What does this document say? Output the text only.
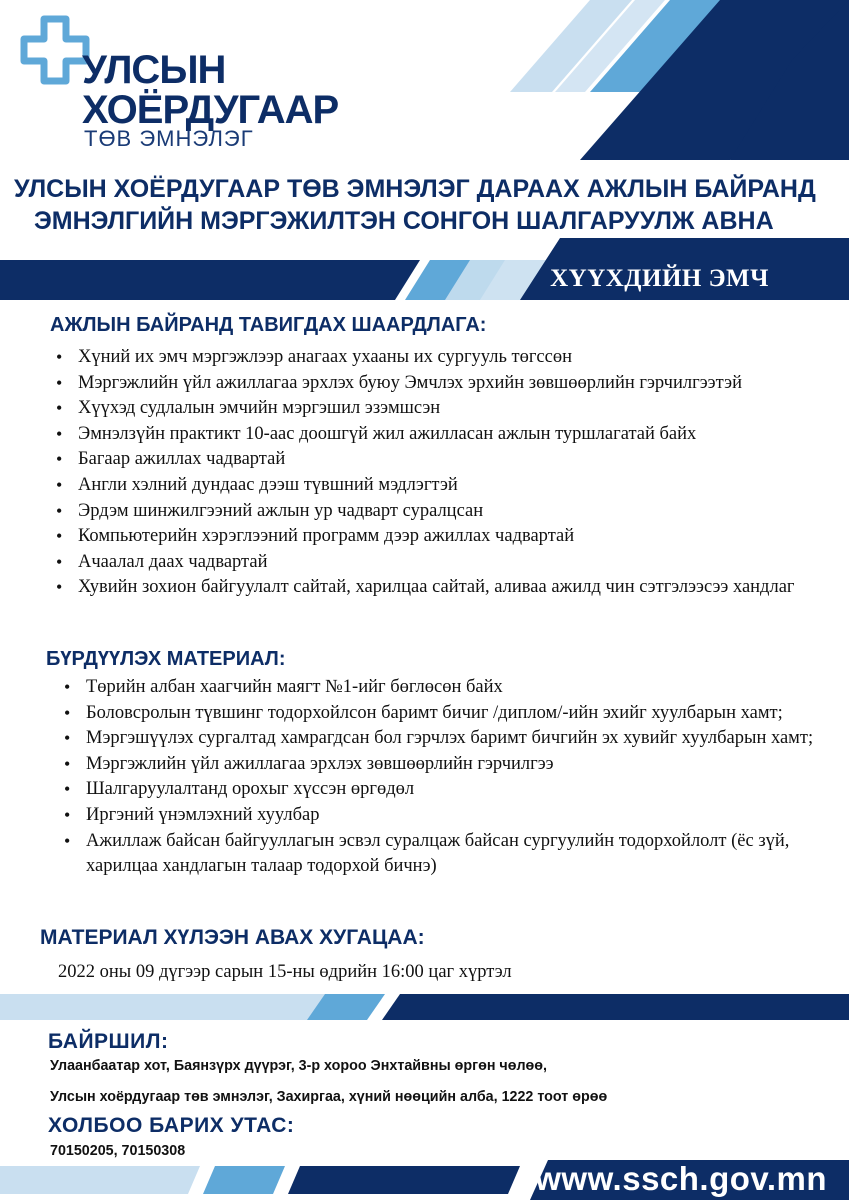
УЛСЫН
ХОЁРДУГААР
ТӨВ ЭМНЭЛЭГ
УЛСЫН ХОЁРДУГААР ТӨВ ЭМНЭЛЭГ ДАРААХ АЖЛЫН БАЙРАНД
ЭМНЭЛГИЙН МЭРГЭЖИЛТЭН СОНГОН ШАЛГАРУУЛЖ АВНА
ХҮҮХДИЙН ЭМЧ
АЖЛЫН БАЙРАНД ТАВИГДАХ ШААРДЛАГА:
• Хүний их эмч мэргэжлээр анагаах ухааны их сургууль төгссөн
• Мэргэжлийн үйл ажиллагаа эрхлэх буюу Эмчлэх эрхийн зөвшөөрлийн гэрчилгээтэй
• Хүүхэд судлалын эмчийн мэргэшил эзэмшсэн
• Эмнэлзүйн практикт 10-аас доошгүй жил ажилласан ажлын туршлагатай байх
• Багаар ажиллах чадвартай
• Англи хэлний дундаас дээш түвшний мэдлэгтэй
• Эрдэм шинжилгээний ажлын ур чадварт суралцсан
• Компьютерийн хэрэглээний программ дээр ажиллах чадвартай
• Ачаалал даах чадвартай
• Хувийн зохион байгуулалт сайтай, харилцаа сайтай, аливаа ажилд чин сэтгэлээсээ хандлаг
БҮРДҮҮЛЭХ МАТЕРИАЛ:
• Төрийн албан хаагчийн маягт №1-ийг бөглөсөн байх
• Боловсролын түвшинг тодорхойлсон баримт бичиг /диплом/-ийн эхийг хуулбарын хамт;
• Мэргэшүүлэх сургалтад хамрагдсан бол гэрчлэх баримт бичгийн эх хувийг хуулбарын хамт;
• Мэргэжлийн үйл ажиллагаа эрхлэх зөвшөөрлийн гэрчилгээ
• Шалгаруулалтанд орохыг хүссэн өргөдөл
• Иргэний үнэмлэхний хуулбар
• Ажиллаж байсан байгууллагын эсвэл суралцаж байсан сургуулийн тодорхойлолт (ёс зүй, харилцаа хандлагын талаар тодорхой бичнэ)
МАТЕРИАЛ ХҮЛЭЭН АВАХ ХУГАЦАА:
2022 оны 09 дүгээр сарын 15-ны өдрийн 16:00 цаг хүртэл
БАЙРШИЛ:
Улаанбаатар хот, Баянзүрх дүүрэг, 3-р хороо Энхтайвны өргөн чөлөө,
Улсын хоёрдугаар төв эмнэлэг, Захиргаа, хүний нөөцийн алба, 1222 тоот өрөө
ХОЛБОО БАРИХ УТАС:
70150205, 70150308
www.ssch.gov.mn
